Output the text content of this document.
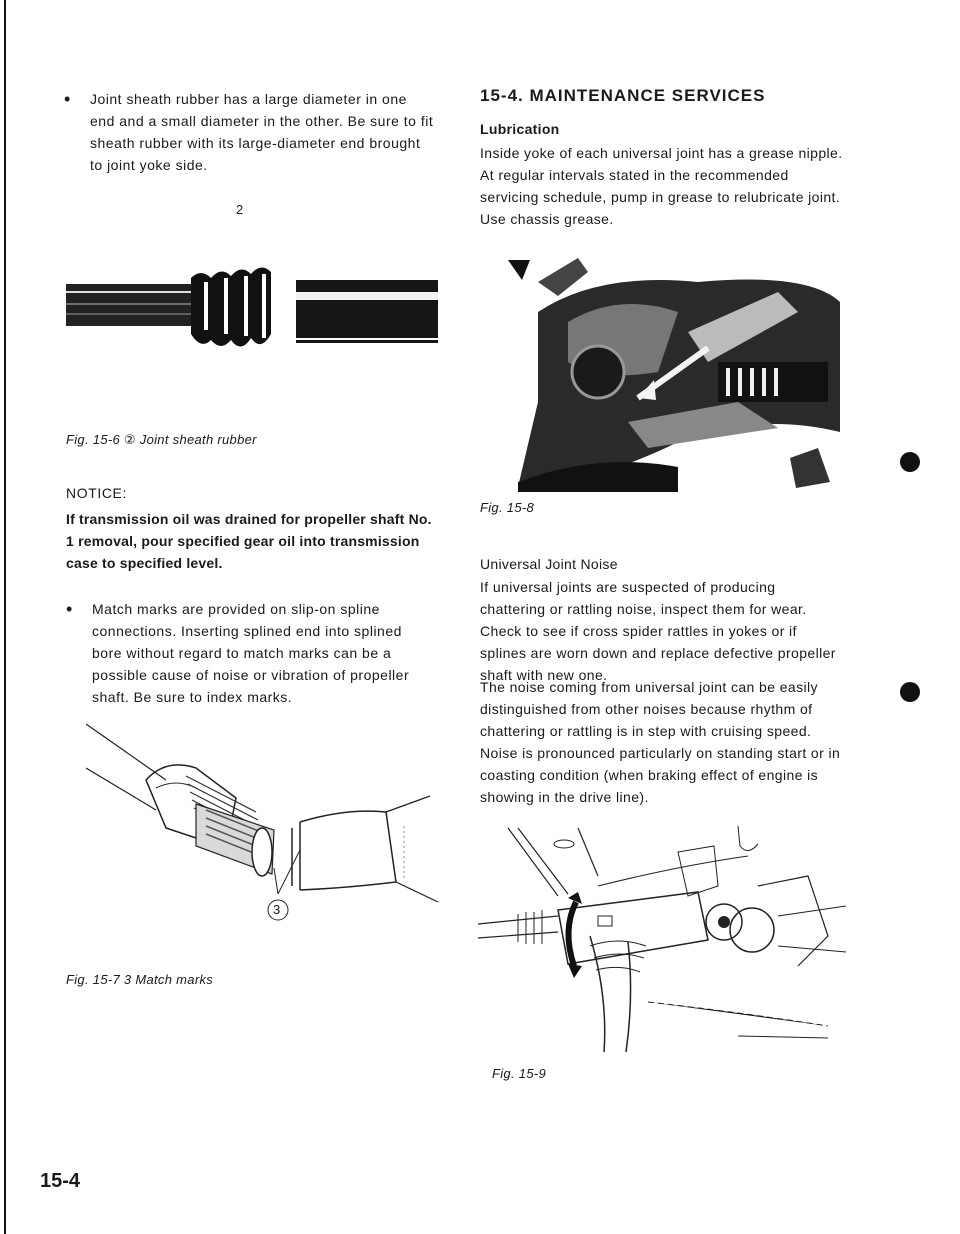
• Joint sheath rubber has a large diameter in one end and a small diameter in the other. Be sure to fit sheath rubber with its large-diameter end brought to joint yoke side.
2
Fig. 15-6 ② Joint sheath rubber
NOTICE:
If transmission oil was drained for propeller shaft No. 1 removal, pour specified gear oil into transmission case to specified level.
• Match marks are provided on slip-on spline connections. Inserting splined end into splined bore without regard to match marks can be a possible cause of noise or vibration of propeller shaft. Be sure to index marks.
3
Fig. 15-7 3 Match marks
15-4
15-4. MAINTENANCE SERVICES
Lubrication
Inside yoke of each universal joint has a grease nipple. At regular intervals stated in the recommended servicing schedule, pump in grease to relubricate joint. Use chassis grease.
Fig. 15-8
Universal Joint Noise
If universal joints are suspected of producing chattering or rattling noise, inspect them for wear. Check to see if cross spider rattles in yokes or if splines are worn down and replace defective propeller shaft with new one.
The noise coming from universal joint can be easily distinguished from other noises because rhythm of chattering or rattling is in step with cruising speed. Noise is pronounced particularly on standing start or in coasting condition (when braking effect of engine is showing in the drive line).
Fig. 15-9
